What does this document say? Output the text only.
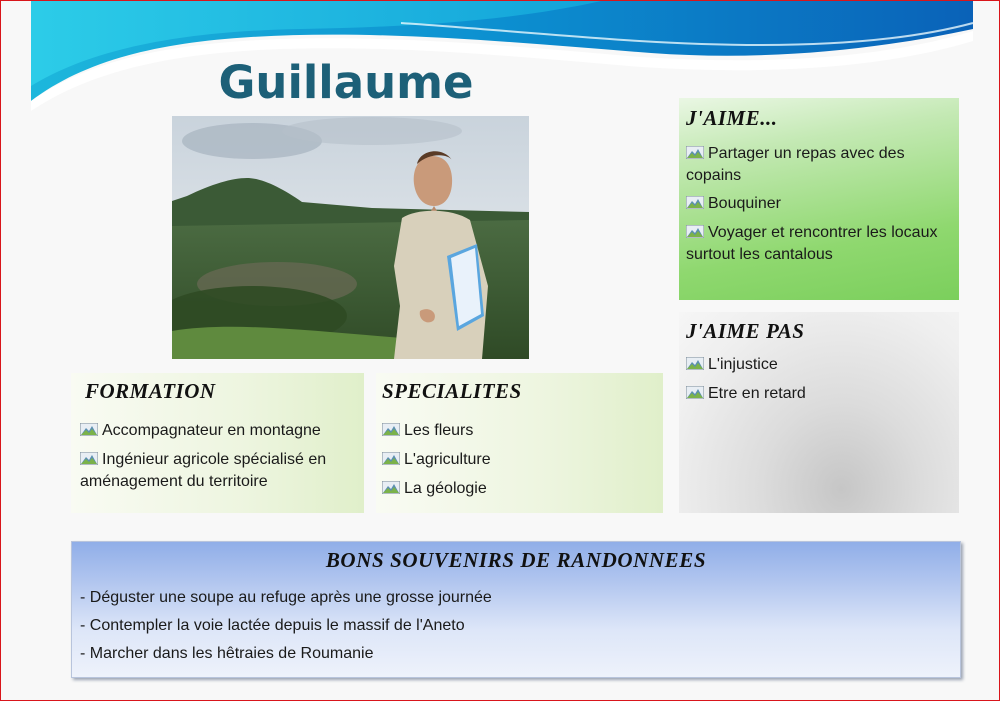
Guillaume
J'AIME...
Partager un repas avec des copains
Bouquiner
Voyager et rencontrer les locaux surtout les cantalous
J'AIME PAS
L'injustice
Etre en retard
FORMATION
Accompagnateur en montagne
Ingénieur agricole spécialisé en aménagement du territoire
SPECIALITES
Les fleurs
L'agriculture
La géologie
BONS SOUVENIRS DE RANDONNEES
- Déguster une soupe au refuge après une grosse journée
- Contempler la voie lactée depuis le massif de l'Aneto
- Marcher dans les hêtraies de Roumanie
